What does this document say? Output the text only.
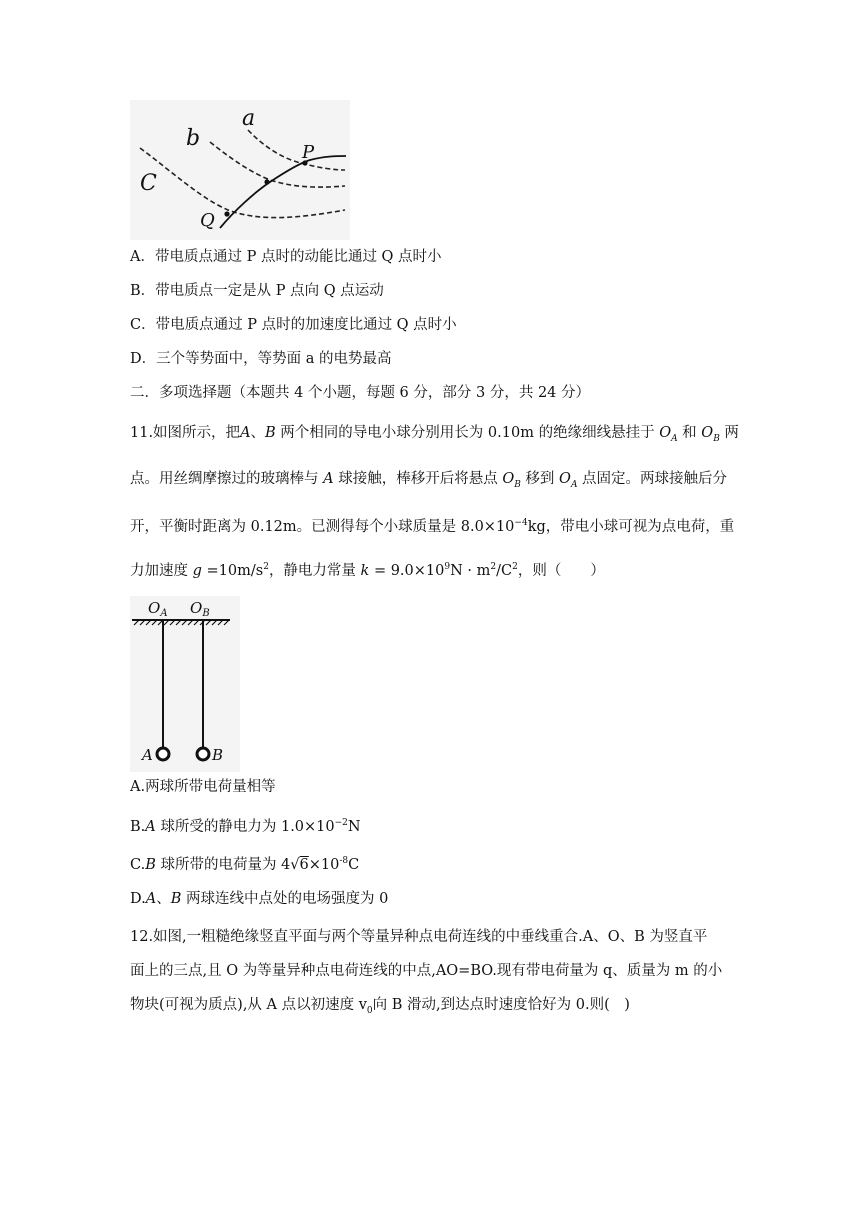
a
b
C
P
Q
A．带电质点通过 P 点时的动能比通过 Q 点时小
B．带电质点一定是从 P 点向 Q 点运动
C．带电质点通过 P 点时的加速度比通过 Q 点时小
D．三个等势面中，等势面 a 的电势最高
二．多项选择题（本题共 4 个小题，每题 6 分，部分 3 分，共 24 分）
11.如图所示，把A、B 两个相同的导电小球分别用长为 0.10m 的绝缘细线悬挂于 $O_A$ 和 $O_B$ 两
点。用丝绸摩擦过的玻璃棒与 A 球接触，棒移开后将悬点 $O_B$ 移到 $O_A$ 点固定。两球接触后分
开，平衡时距离为 0.12m。已测得每个小球质量是 $8.0\times 10^{-4}kg$，带电小球可视为点电荷，重
力加速度 $g =10m/s^2$，静电力常量 $k = 9.0\times 10^9N \cdot m^2/C^2$，则（　　）
$O_A$ $O_B$
A	B
A.两球所带电荷量相等
B.A 球所受的静电力为 $1.0\times 10^{-2}N$
C.B 球所带的电荷量为 $4√6\times 10^{-8}C$
D.A、B 两球连线中点处的电场强度为 0
12.如图,一粗糙绝缘竖直平面与两个等量异种点电荷连线的中垂线重合.A、O、B 为竖直平
面上的三点,且 O 为等量异种点电荷连线的中点,AO=BO.现有带电荷量为 q、质量为 m 的小
物块(可视为质点),从 A 点以初速度 $v_0$向 B 滑动,到达点时速度恰好为 0.则(　)
